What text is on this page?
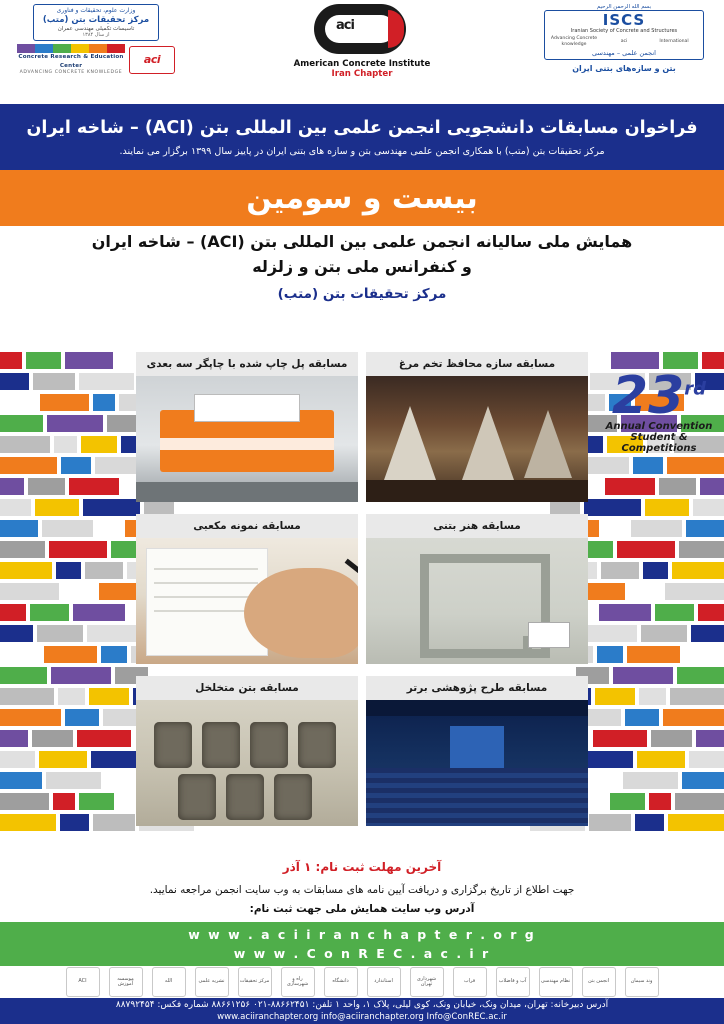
وزارت علوم، تحقیقات و فناوری
مرکز تحقیقات بتن (متب)
تاسیسات تکمیلی مهندسی عمران
از سال ۱۳۸۴
aci
Concrete Research & Education Center
ADVANCING CONCRETE KNOWLEDGE
aci
American Concrete Institute
Iran Chapter
بسم الله الرحمن الرحیم
ISCS
Iranian Society of Concrete and Structures
International
aci
Advancing Concrete knowledge
انجمن علمی – مهندسی
بتن و سازه‌های بتنی ایران
فراخوان مسابقات دانشجویی انجمن علمی بین المللی بتن (ACI) – شاخه ایران
مرکز تحقیقات بتن (متب) با همکاری انجمن علمی مهندسی بتن و سازه های بتنی ایران در پاییز سال ۱۳۹۹ برگزار می نمایند.
بیست و سومین
همایش ملی سالیانه انجمن علمی بین المللی بتن (ACI) – شاخه ایران
و کنفرانس ملی بتن و زلزله
مرکز تحقیقات بتن (متب)
23rd
Annual Convention
& Student
Competitions
مسابقه سازه محافظ تخم مرغ
مسابقه پل چاپ شده با چاپگر سه بعدی
مسابقه هنر بتنی
مسابقه نمونه مکعبی
مسابقه طرح پژوهشی برتر
مسابقه بتن متخلخل
آخرین مهلت ثبت نام: ۱ آذر
جهت اطلاع از تاریخ برگزاری و دریافت آیین نامه های مسابقات به وب سایت انجمن مراجعه نمایید.
آدرس وب سایت همایش ملی جهت ثبت نام:
w w w . a c i i r a n c h a p t e r . o r g
w w w . C o n R E C . a c . i r
وند سیمان
انجمن بتن
نظام مهندسی
آب و فاضلاب
فراب
شهرداری تهران
استاندارد
دانشگاه
راه و شهرسازی
مرکز تحقیقات
نشریه علمی
الله
موسسه آموزش
ACI
آدرس دبیرخانه: تهران، میدان ونک، خیابان ونک، کوی لیلی، پلاک ۱، واحد ۱ تلفن: ۸۸۶۶۲۴۵۱-۰۲۱ ۸۸۶۶۱۲۵۶ شماره فکس: ۸۸۷۹۲۴۵۴
www.aciiranchapter.org info@aciiranchapter.org Info@ConREC.ac.ir
